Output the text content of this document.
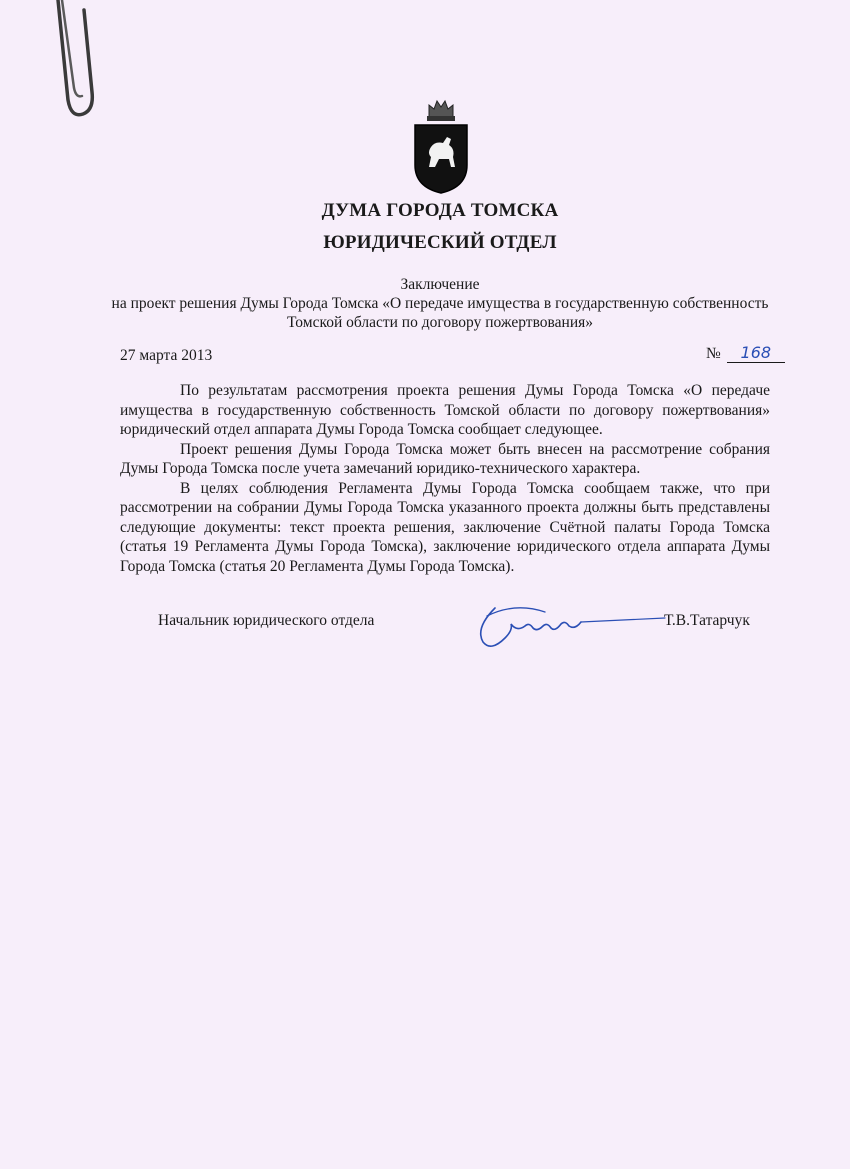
ДУМА ГОРОДА ТОМСКА
ЮРИДИЧЕСКИЙ ОТДЕЛ
Заключение
на проект решения Думы Города Томска «О передаче имущества в государственную собственность Томской области по договору пожертвования»
27 марта 2013	№ 168

По результатам рассмотрения проекта решения Думы Города Томска «О передаче имущества в государственную собственность Томской области по договору пожертвования» юридический отдел аппарата Думы Города Томска сообщает следующее.

Проект решения Думы Города Томска может быть внесен на рассмотрение собрания Думы Города Томска после учета замечаний юридико-технического характера.

В целях соблюдения Регламента Думы Города Томска сообщаем также, что при рассмотрении на собрании Думы Города Томска указанного проекта должны быть представлены следующие документы: текст проекта решения, заключение Счётной палаты Города Томска (статья 19 Регламента Думы Города Томска), заключение юридического отдела аппарата Думы Города Томска (статья 20 Регламента Думы Города Томска).

Начальник юридического отдела	Т.В.Татарчук
